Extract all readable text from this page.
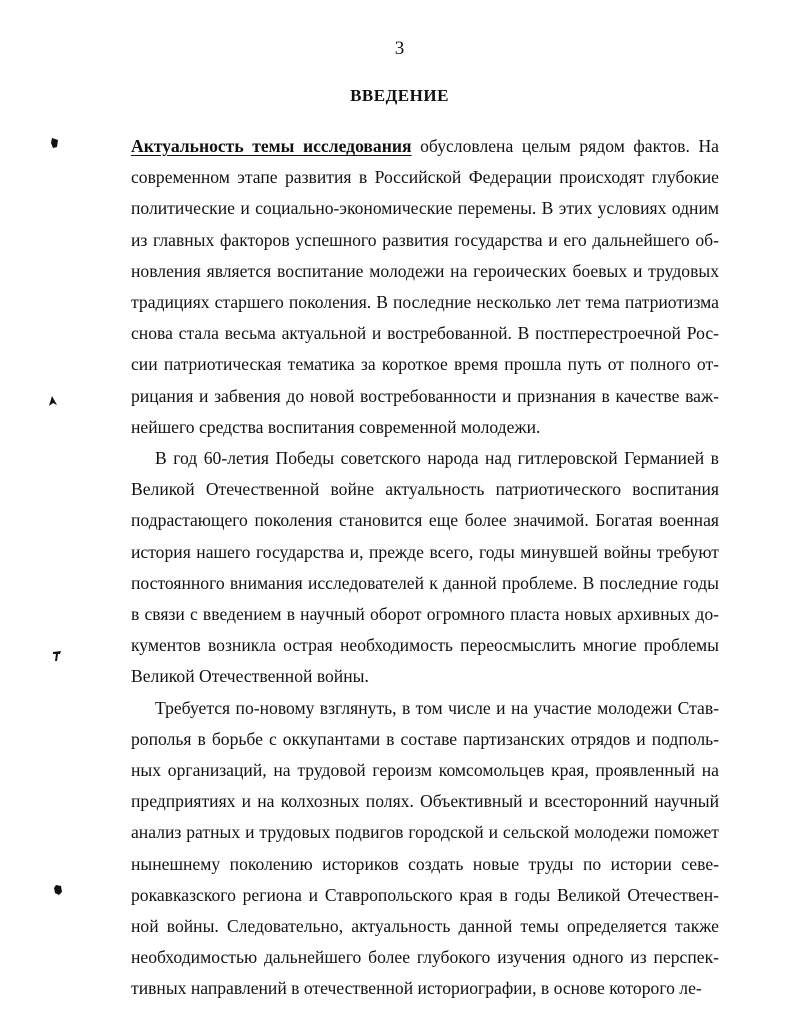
3
ВВЕДЕНИЕ

Актуальность темы исследования обусловлена целым рядом фактов. На современном этапе развития в Российской Федерации происходят глубокие политические и социально-экономические перемены. В этих условиях одним из главных факторов успешного развития государства и его дальнейшего обновления является воспитание молодежи на героических боевых и трудовых традициях старшего поколения. В последние несколько лет тема патриотизма снова стала весьма актуальной и востребованной. В постперестроечной России патриотическая тематика за короткое время прошла путь от полного отрицания и забвения до новой востребованности и признания в качестве важнейшего средства воспитания современной молодежи.

В год 60-летия Победы советского народа над гитлеровской Германией в Великой Отечественной войне актуальность патриотического воспитания подрастающего поколения становится еще более значимой. Богатая военная история нашего государства и, прежде всего, годы минувшей войны требуют постоянного внимания исследователей к данной проблеме. В последние годы в связи с введением в научный оборот огромного пласта новых архивных документов возникла острая необходимость переосмыслить многие проблемы Великой Отечественной войны.

Требуется по-новому взглянуть, в том числе и на участие молодежи Ставрополья в борьбе с оккупантами в составе партизанских отрядов и подпольных организаций, на трудовой героизм комсомольцев края, проявленный на предприятиях и на колхозных полях. Объективный и всесторонний научный анализ ратных и трудовых подвигов городской и сельской молодежи поможет нынешнему поколению историков создать новые труды по истории северокавказского региона и Ставропольского края в годы Великой Отечественной войны. Следовательно, актуальность данной темы определяется также необходимостью дальнейшего более глубокого изучения одного из перспективных направлений в отечественной историографии, в основе которого ле-
